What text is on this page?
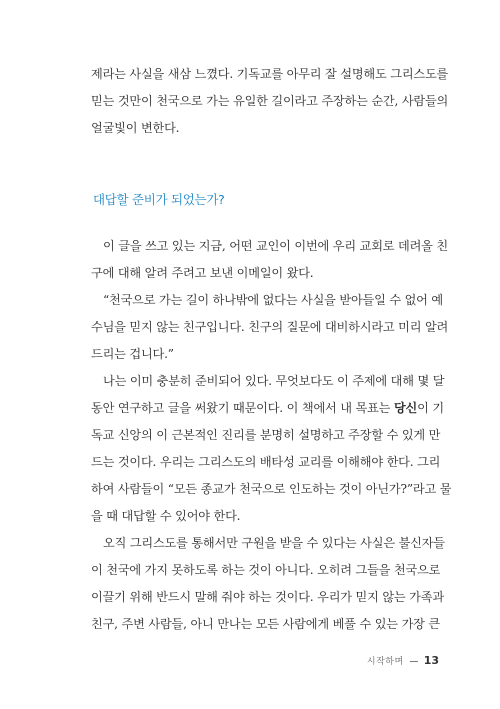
제라는 사실을 새삼 느꼈다. 기독교를 아무리 잘 설명해도 그리스도를
믿는 것만이 천국으로 가는 유일한 길이라고 주장하는 순간, 사람들의
얼굴빛이 변한다.

대답할 준비가 되었는가?

이 글을 쓰고 있는 지금, 어떤 교인이 이번에 우리 교회로 데려올 친
구에 대해 알려 주려고 보낸 이메일이 왔다.

“천국으로 가는 길이 하나밖에 없다는 사실을 받아들일 수 없어 예
수님을 믿지 않는 친구입니다. 친구의 질문에 대비하시라고 미리 알려
드리는 겁니다.”

나는 이미 충분히 준비되어 있다. 무엇보다도 이 주제에 대해 몇 달
동안 연구하고 글을 써왔기 때문이다. 이 책에서 내 목표는 당신이 기
독교 신앙의 이 근본적인 진리를 분명히 설명하고 주장할 수 있게 만
드는 것이다. 우리는 그리스도의 배타성 교리를 이해해야 한다. 그리
하여 사람들이 “모든 종교가 천국으로 인도하는 것이 아닌가?”라고 물
을 때 대답할 수 있어야 한다.

오직 그리스도를 통해서만 구원을 받을 수 있다는 사실은 불신자들
이 천국에 가지 못하도록 하는 것이 아니다. 오히려 그들을 천국으로
이끌기 위해 반드시 말해 줘야 하는 것이다. 우리가 믿지 않는 가족과
친구, 주변 사람들, 아니 만나는 모든 사람에게 베풀 수 있는 가장 큰

시작하며 13
